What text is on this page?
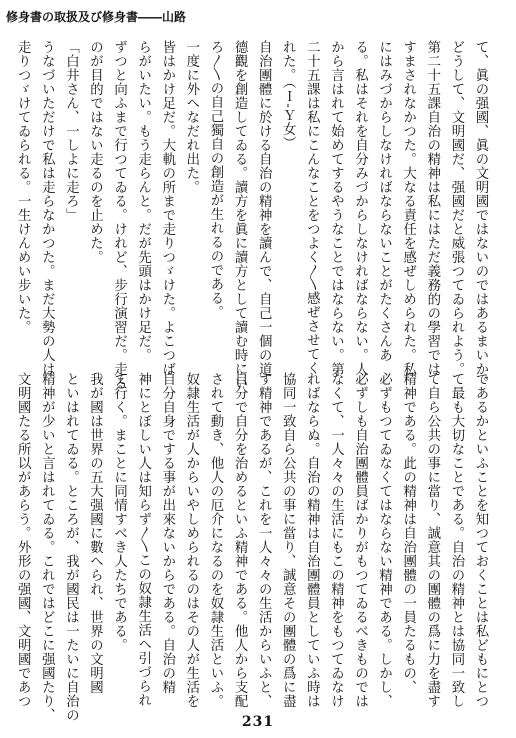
修身書の取扱及び修身書――山路

て、眞の强國、眞の文明國ではないのではあるまいか。

どうして、文明國だ、强國だと威張つてゐられよう。

第二十五課自治の精神は私にはただ義務的の學習では

すまされなかつた。大なる責任を感ぜしめられた。私

にはみづからしなければならないことがたくさんあ

る。私はそれを自分みづからしなければならない。人

から言はれて始めてするやうなことではならない。第

二十五課は私にこんなことをつよく〳〵感ぜさせてく

れた。（Ｉ‐Ｙ女）

自治團體に於ける自治の精神を讀んで、自己一個の道

德觀を創造してゐる。讀方を眞に讀方として讀む時にい

ろ〳〵の自己獨自の創造が生れるのである。

一度に外へなだれ出た。

皆はかけ足だ。大軌の所まで走りつゞけた。よこつば

らがいたい。もう走らんと。だが先頭はかけ足だ。

ずつと向ふまで行つてゐる。けれど、步行演習だ。走る

のが目的ではない走るのを止めた。

「白井さん、一しよに走ろ」

うなづいただけで私は走らなかつた。まだ大勢の人は

走りつゞけてゐられる。一生けんめい步いた。

であるかといふことを知つておくことは私どもにとつ

て最も大切なことである。自治の精神とは協同一致し

て自ら公共の事に當り、誠意其の團體の爲に力を盡す

精神である。此の精神は自治團體の一員たるもの、

必ずもつてゐなくてはならない精神である。しかし、

必ずしも自治團體員ばかりがもつてゐるべきものでは

なくて、一人々々の生活にもこの精神をもつてゐなけ

ればならぬ。自治の精神は自治團體員としていふ時は

協同一致自ら公共の事に當り、誠意その團體の爲に盡

す精神であるが、これを一人々々の生活からいふと、

自分で自分を治めるといふ精神である。他人から支配

されて動き、他人の厄介になるのを奴隷生活といふ。

奴隷生活が人からいやしめられるのはその人が生活を

自分自身でする事が出來ないからである。自治の精

神にとぼしい人は知らず〳〵この奴隷生活へ引づられ

て行く。まことに同情すべき人たちである。

我が國は世界の五大强國に數へられ、世界の文明國

といはれてゐる。ところが、我が國民は一たいに自治の

精神が少いと言はれてゐる。これではどこに强國たり、

文明國たる所以があらう。外形の强國、文明國であつ

231
